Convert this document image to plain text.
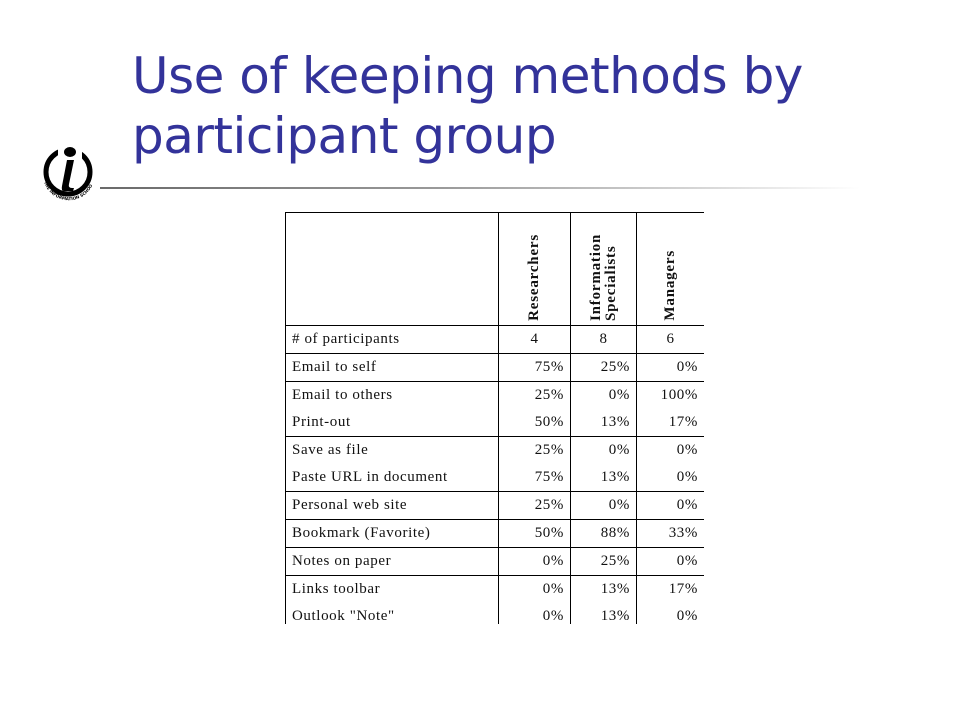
Use of keeping methods by participant group
THE INFORMATION SCHOO

	Researchers	Information Specialists	Managers

# of participants	4	8	6
Email to self	75%	25%	0%
Email to others	25%	0%	100%
Print-out	50%	13%	17%
Save as file	25%	0%	0%
Paste URL in document	75%	13%	0%
Personal web site	25%	0%	0%
Bookmark (Favorite)	50%	88%	33%
Notes on paper	0%	25%	0%
Links toolbar	0%	13%	17%
Outlook "Note"	0%	13%	0%
